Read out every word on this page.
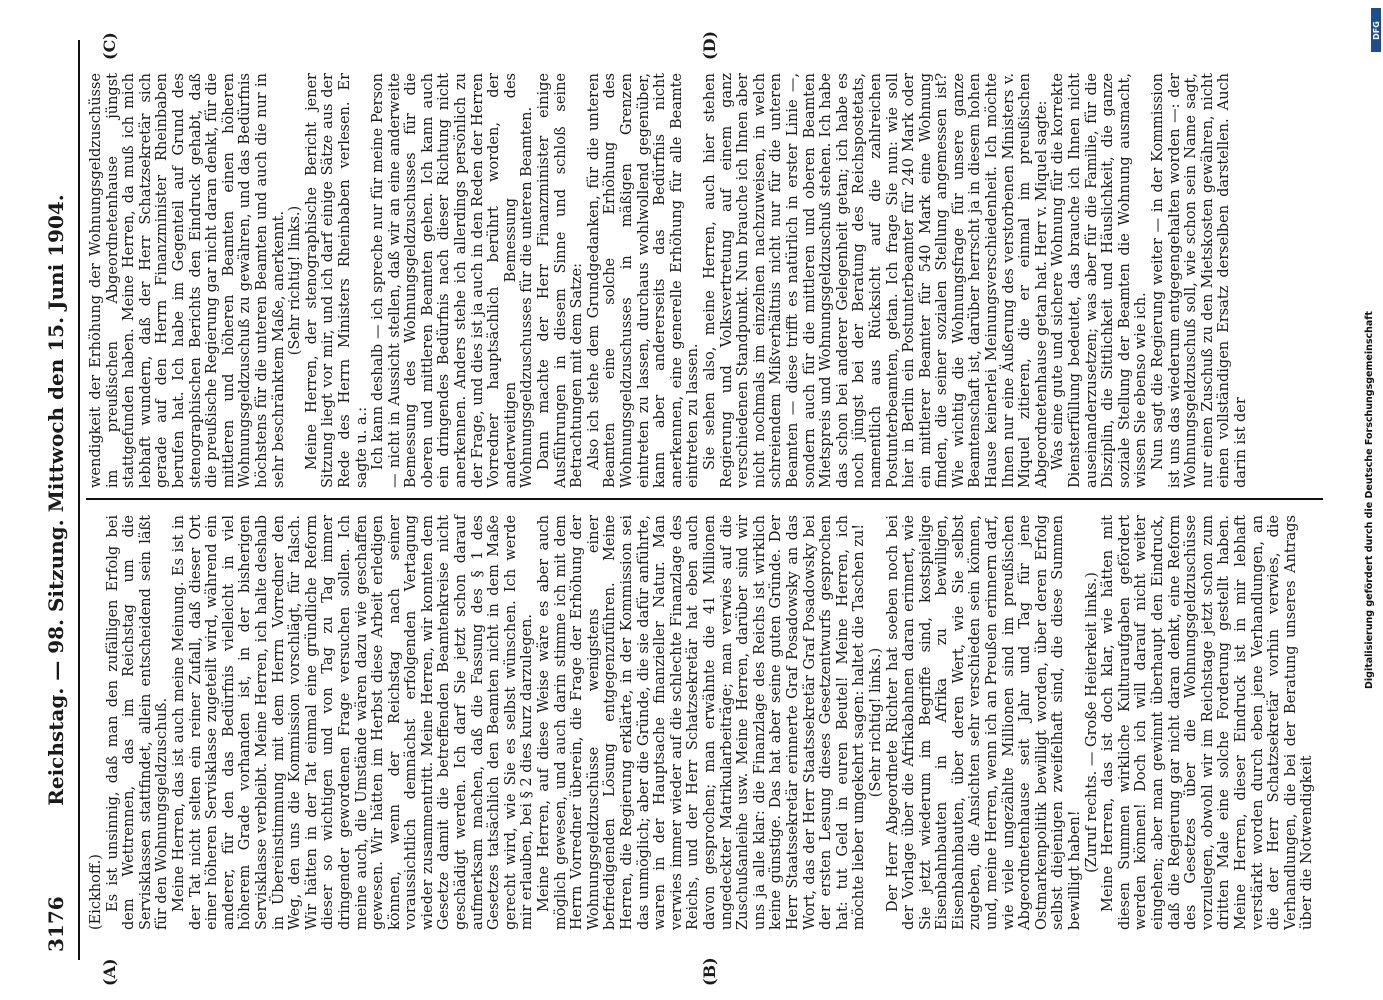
3176
Reichstag. — 98. Sitzung. Mittwoch den 15. Juni 1904.
(A)	(B)
(C)	(D)

(Eickhoff.) Es ist unsinnig, daß man den zufälligen Erfolg bei dem Wettrennen, das im Reichstag um die Servisklassen stattfindet, allein entscheidend sein läßt für den Wohnungsgeldzuschuß. Meine Herren, das ist auch meine Meinung. Es ist in der Tat nicht selten ein reiner Zufall, daß dieser Ort einer höheren Servisklasse zugeteilt wird, während ein anderer, für den das Bedürfnis vielleicht in viel höherem Grade vorhanden ist, in der bisherigen Servisklasse verbleibt. Meine Herren, ich halte deshalb in Übereinstimmung mit dem Herrn Vorredner den Weg, den uns die Kommission vorschlägt, für falsch. Wir hätten in der Tat einmal eine gründliche Reform dieser so wichtigen und von Tag zu Tag immer dringender gewordenen Frage versuchen sollen. Ich meine auch, die Umstände wären dazu wie geschaffen gewesen. Wir hätten im Herbst diese Arbeit erledigen können, wenn der Reichstag nach seiner voraussichtlich demnächst erfolgenden Vertagung wieder zusammentritt. Meine Herren, wir konnten dem Gesetze damit die betreffenden Beamtenkreise nicht geschädigt werden. Ich darf Sie jetzt schon darauf aufmerksam machen, daß die Fassung des § 1 des Gesetzes tatsächlich den Beamten nicht in dem Maße gerecht wird, wie Sie es selbst wünschen. Ich werde mir erlauben, bei § 2 dies kurz darzulegen. Meine Herren, auf diese Weise wäre es aber auch möglich gewesen, und auch darin stimme ich mit dem Herrn Vorredner überein, die Frage der Erhöhung der Wohnungsgeldzuschüsse wenigstens einer befriedigenden Lösung entgegenzuführen. Meine Herren, die Regierung erklärte, in der Kommission sei das unmöglich; aber die Gründe, die sie dafür anführte, waren in der Hauptsache finanzieller Natur. Man verwies immer wieder auf die schlechte Finanzlage des Reichs, und der Herr Schatzsekretär hat eben auch davon gesprochen; man erwähnte die 41 Millionen ungedeckter Matrikularbeiträge; man verwies auf die Zuschußanleihe usw. Meine Herren, darüber sind wir uns ja alle klar: die Finanzlage des Reichs ist wirklich keine günstige. Das hat aber seine guten Gründe. Der Herr Staatssekretär erinnerte Graf Posadowsky an das Wort, das der Herr Staatssekretär Graf Posadowsky bei der ersten Lesung dieses Gesetzentwurfs gesprochen hat: tut Geld in euren Beutel! Meine Herren, ich möchte lieber umgekehrt sagen: haltet die Taschen zu! (Sehr richtig! links.) Der Herr Abgeordnete Richter hat soeben noch bei der Vorlage über die Afrikabahnen daran erinnert, wie Sie jetzt wiederum im Begriffe sind, kostspielige Eisenbahnbauten in Afrika zu bewilligen, Eisenbahnbauten, über deren Wert, wie Sie selbst zugeben, die Ansichten sehr verschieden sein können, und, meine Herren, wenn ich an Preußen erinnern darf, wie viele ungezählte Millionen sind im preußischen Abgeordnetenhause seit Jahr und Tag für jene Ostmarkenpolitik bewilligt worden, über deren Erfolg selbst diejenigen zweifelhaft sind, die diese Summen bewilligt haben! (Zuruf rechts. — Große Heiterkeit links.) Meine Herren, das ist doch klar, wie hätten mit diesen Summen wirkliche Kulturaufgaben gefördert werden können! Doch ich will darauf nicht weiter eingehen; aber man gewinnt überhaupt den Eindruck, daß die Regierung gar nicht daran denkt, eine Reform des Gesetzes über die Wohnungsgeldzuschüsse vorzulegen, obwohl wir im Reichstage jetzt schon zum dritten Male eine solche Forderung gestellt haben. Meine Herren, dieser Eindruck ist in mir lebhaft verstärkt worden durch eben jene Verhandlungen, an die der Herr Schatzsekretär vorhin verwies, die Verhandlungen, die bei der Beratung unseres Antrags über die Notwendigkeit

wendigkeit der Erhöhung der Wohnungsgeldzuschüsse im preußischen Abgeordnetenhause jüngst stattgefunden haben. Meine Herren, da muß ich mich lebhaft wundern, daß der Herr Schatzsekretär sich gerade auf den Herrn Finanzminister Rheinbaben berufen hat. Ich habe im Gegenteil auf Grund des stenographischen Berichts den Eindruck gehabt, daß die preußische Regierung gar nicht daran denkt, für die mittleren und höheren Beamten einen höheren Wohnungsgeldzuschuß zu gewähren, und das Bedürfnis höchstens für die unteren Beamten und auch die nur in sehr beschränktem Maße, anerkennt. (Sehr richtig! links.) Meine Herren, der stenographische Bericht jener Sitzung liegt vor mir, und ich darf einige Sätze aus der Rede des Herrn Ministers Rheinbaben verlesen. Er sagte u. a.: Ich kann deshalb — ich spreche nur für meine Person — nicht in Aussicht stellen, daß wir an eine anderweite Bemessung des Wohnungsgeldzuschusses für die oberen und mittleren Beamten gehen. Ich kann auch ein dringendes Bedürfnis nach dieser Richtung nicht anerkennen. Anders stehe ich allerdings persönlich zu der Frage, und dies ist ja auch in den Reden der Herren Vorredner hauptsächlich berührt worden, der anderweitigen Bemessung des Wohnungsgeldzuschusses für die unteren Beamten. Dann machte der Herr Finanzminister einige Ausführungen in diesem Sinne und schloß seine Betrachtungen mit dem Satze: Also ich stehe dem Grundgedanken, für die unteren Beamten eine solche Erhöhung des Wohnungsgeldzuschusses in mäßigen Grenzen eintreten zu lassen, durchaus wohlwollend gegenüber, kann aber andererseits das Bedürfnis nicht anerkennen, eine generelle Erhöhung für alle Beamte eintreten zu lassen. Sie sehen also, meine Herren, auch hier stehen Regierung und Volksvertretung auf einem ganz verschiedenen Standpunkt. Nun brauche ich Ihnen aber nicht nochmals im einzelnen nachzuweisen, in welch schreiendem Mißverhältnis nicht nur für die unteren Beamten — diese trifft es natürlich in erster Linie —, sondern auch für die mittleren und oberen Beamten Mietspreis und Wohnungsgeldzuschuß stehen. Ich habe das schon bei anderer Gelegenheit getan; ich habe es noch jüngst bei der Beratung des Reichspostetats, namentlich aus Rücksicht auf die zahlreichen Postunterbeamten, getan. Ich frage Sie nun: wie soll hier in Berlin ein Postunterbeamter für 240 Mark oder ein mittlerer Beamter für 540 Mark eine Wohnung finden, die seiner sozialen Stellung angemessen ist? Wie wichtig die Wohnungsfrage für unsere ganze Beamtenschaft ist, darüber herrscht ja in diesem hohen Hause keinerlei Meinungsverschiedenheit. Ich möchte Ihnen nur eine Äußerung des verstorbenen Ministers v. Miquel zitieren, die er einmal im preußischen Abgeordnetenhause getan hat. Herr v. Miquel sagte: Was eine gute und sichere Wohnung für die korrekte Diensterfüllung bedeutet, das brauche ich Ihnen nicht auseinanderzusetzen; was aber für die Familie, für die Disziplin, die Sittlichkeit und Häuslichkeit, die ganze soziale Stellung der Beamten die Wohnung ausmacht, wissen Sie ebenso wie ich. Nun sagt die Regierung weiter — in der Kommission ist uns das wiederum entgegengehalten worden —: der Wohnungsgeldzuschuß soll, wie schon sein Name sagt, nur einen Zuschuß zu den Mietskosten gewähren, nicht einen vollständigen Ersatz derselben darstellen. Auch darin ist der

DFG
Digitalisierung gefördert durch die Deutsche Forschungsgemeinschaft
